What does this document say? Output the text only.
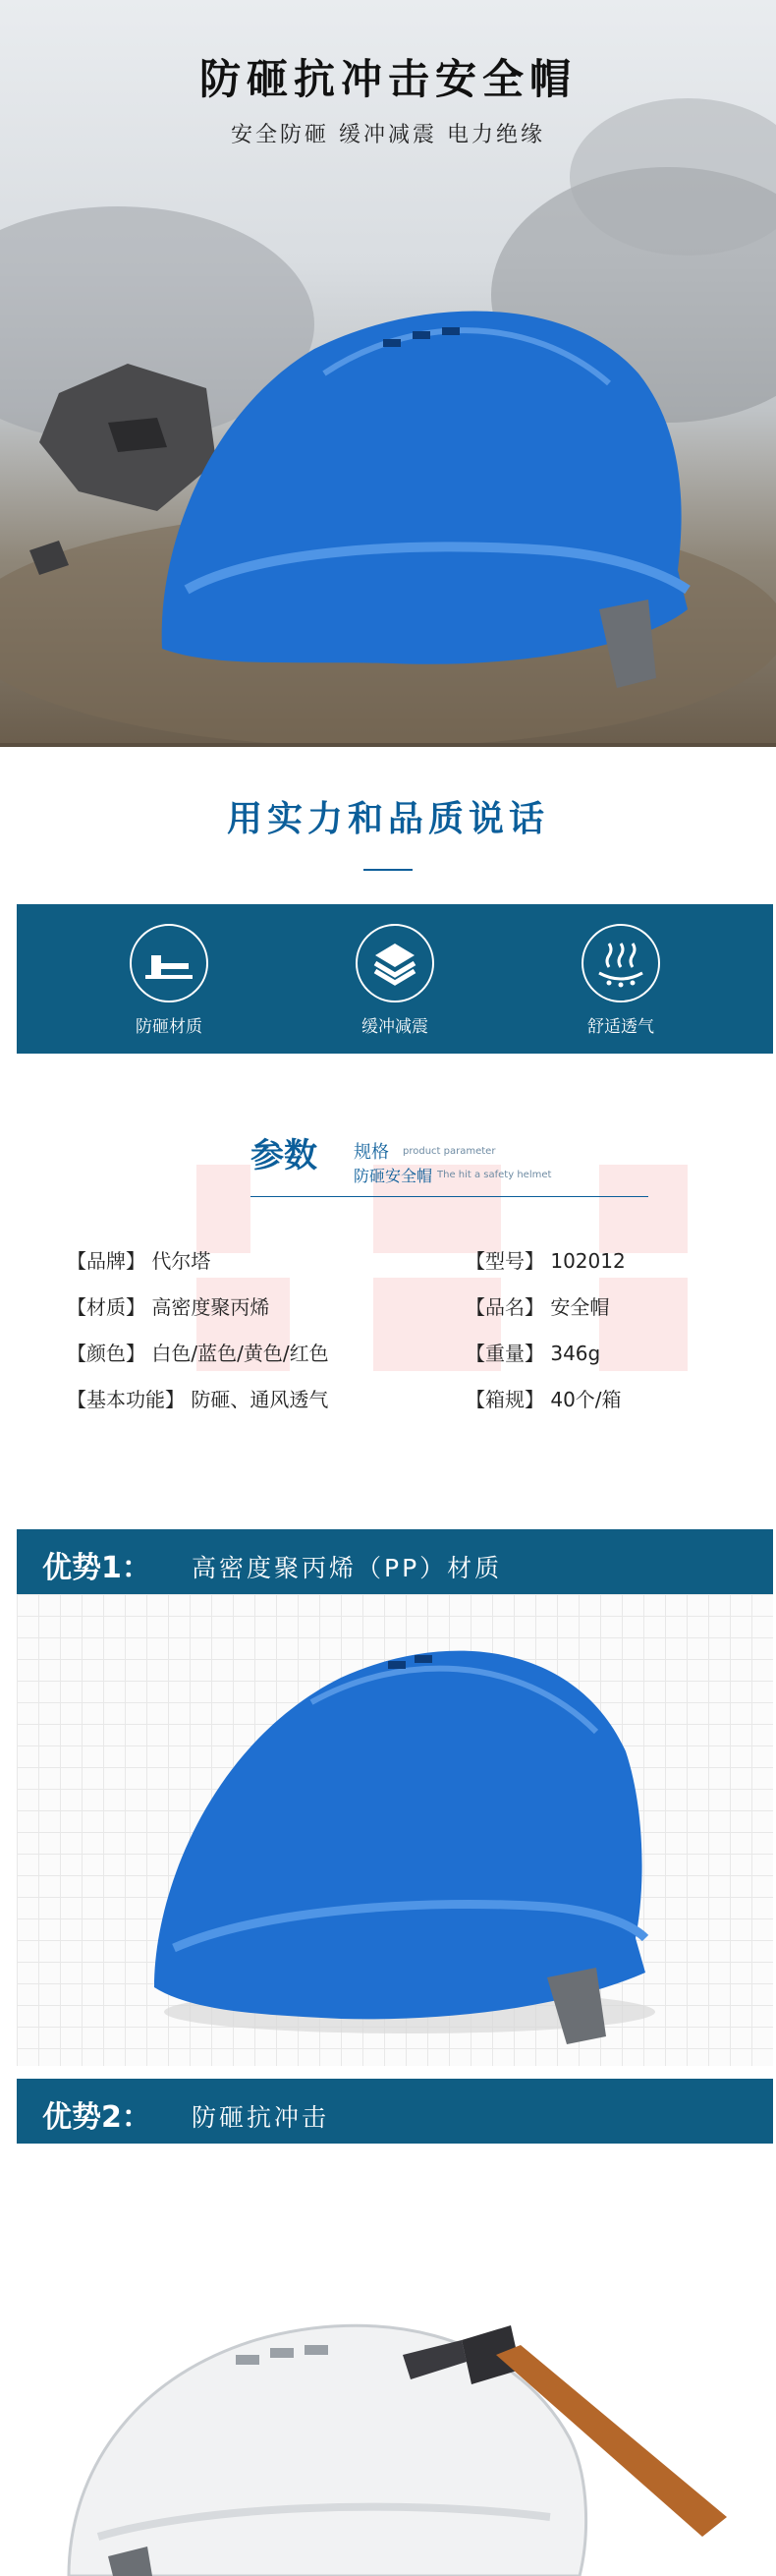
防砸抗冲击安全帽
安全防砸 缓冲减震 电力绝缘
用实力和品质说话
防砸材质	缓冲减震	舒适透气
参数 规格 product parameter
防砸安全帽 The hit a safety helmet
【品牌】 代尔塔
【材质】 高密度聚丙烯
【颜色】 白色/蓝色/黄色/红色
【基本功能】 防砸、通风透气
【型号】 102012
【品名】 安全帽
【重量】 346g
【箱规】 40个/箱
优势1： 高密度聚丙烯（PP）材质
优势2： 防砸抗冲击
